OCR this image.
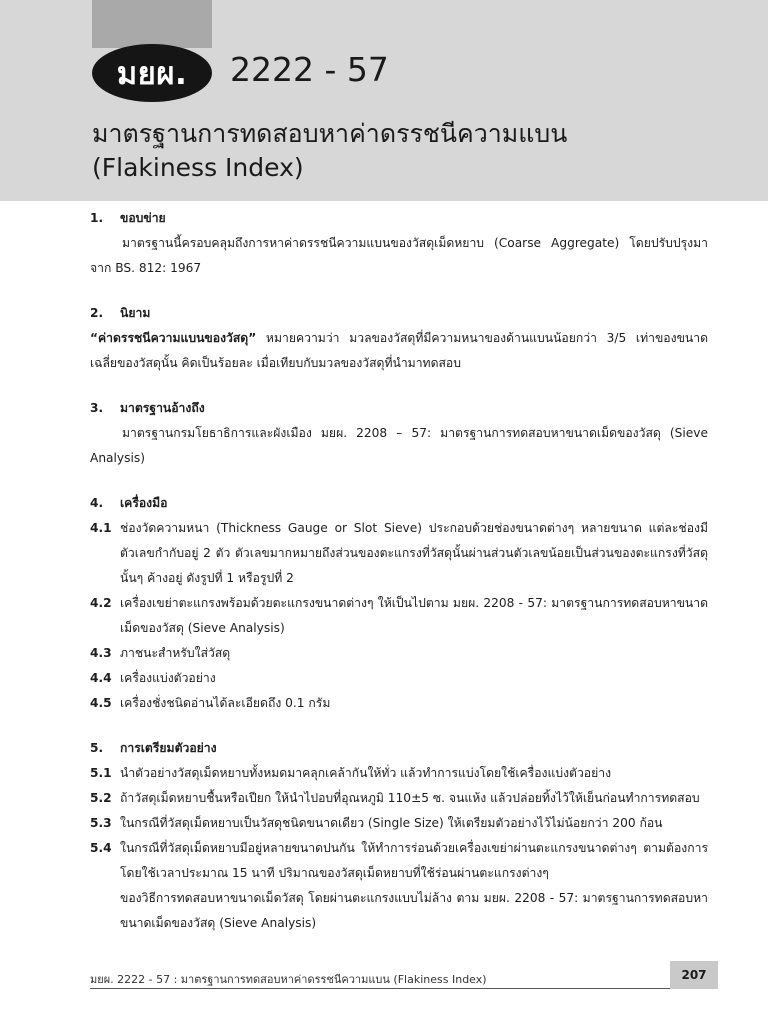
มยผ.	2222 - 57
มาตรฐานการทดสอบหาค่าดรรชนีความแบน
(Flakiness Index)
1.	ขอบข่าย
มาตรฐานนี้ครอบคลุมถึงการหาค่าดรรชนีความแบนของวัสดุเม็ดหยาบ (Coarse Aggregate) โดยปรับปรุงมาจาก BS. 812: 1967
2.	นิยาม
“ค่าดรรชนีความแบนของวัสดุ” หมายความว่า มวลของวัสดุที่มีความหนาของด้านแบนน้อยกว่า 3/5 เท่าของขนาดเฉลี่ยของวัสดุนั้น คิดเป็นร้อยละ เมื่อเทียบกับมวลของวัสดุที่นำมาทดสอบ
3.	มาตรฐานอ้างถึง
มาตรฐานกรมโยธาธิการและผังเมือง มยผ. 2208 – 57: มาตรฐานการทดสอบหาขนาดเม็ดของวัสดุ (Sieve Analysis)
4.	เครื่องมือ
4.1 ช่องวัดความหนา (Thickness Gauge or Slot Sieve) ประกอบด้วยช่องขนาดต่างๆ หลายขนาด แต่ละช่องมีตัวเลขกำกับอยู่ 2 ตัว ตัวเลขมากหมายถึงส่วนของตะแกรงที่วัสดุนั้นผ่านส่วนตัวเลขน้อยเป็นส่วนของตะแกรงที่วัสดุนั้นๆ ค้างอยู่ ดังรูปที่ 1 หรือรูปที่ 2
4.2 เครื่องเขย่าตะแกรงพร้อมด้วยตะแกรงขนาดต่างๆ ให้เป็นไปตาม มยผ. 2208 - 57: มาตรฐานการทดสอบหาขนาดเม็ดของวัสดุ (Sieve Analysis)
4.3 ภาชนะสำหรับใส่วัสดุ
4.4 เครื่องแบ่งตัวอย่าง
4.5 เครื่องชั่งชนิดอ่านได้ละเอียดถึง 0.1 กรัม
5.	การเตรียมตัวอย่าง
5.1 นำตัวอย่างวัสดุเม็ดหยาบทั้งหมดมาคลุกเคล้ากันให้ทั่ว แล้วทำการแบ่งโดยใช้เครื่องแบ่งตัวอย่าง
5.2 ถ้าวัสดุเม็ดหยาบชื้นหรือเปียก ให้นำไปอบที่อุณหภูมิ 110±5 ซ. จนแห้ง แล้วปล่อยทิ้งไว้ให้เย็นก่อนทำการทดสอบ
5.3 ในกรณีที่วัสดุเม็ดหยาบเป็นวัสดุชนิดขนาดเดียว (Single Size) ให้เตรียมตัวอย่างไว้ไม่น้อยกว่า 200 ก้อน
5.4 ในกรณีที่วัสดุเม็ดหยาบมีอยู่หลายขนาดปนกัน ให้ทำการร่อนด้วยเครื่องเขย่าผ่านตะแกรงขนาดต่างๆ ตามต้องการ โดยใช้เวลาประมาณ 15 นาที ปริมาณของวัสดุเม็ดหยาบที่ใช้ร่อนผ่านตะแกรงต่างๆ
ของวิธีการทดสอบหาขนาดเม็ดวัสดุ โดยผ่านตะแกรงแบบไม่ล้าง ตาม มยผ. 2208 - 57: มาตรฐานการทดสอบหาขนาดเม็ดของวัสดุ (Sieve Analysis)
มยผ. 2222 - 57 : มาตรฐานการทดสอบหาค่าดรรชนีความแบน (Flakiness Index)	207
